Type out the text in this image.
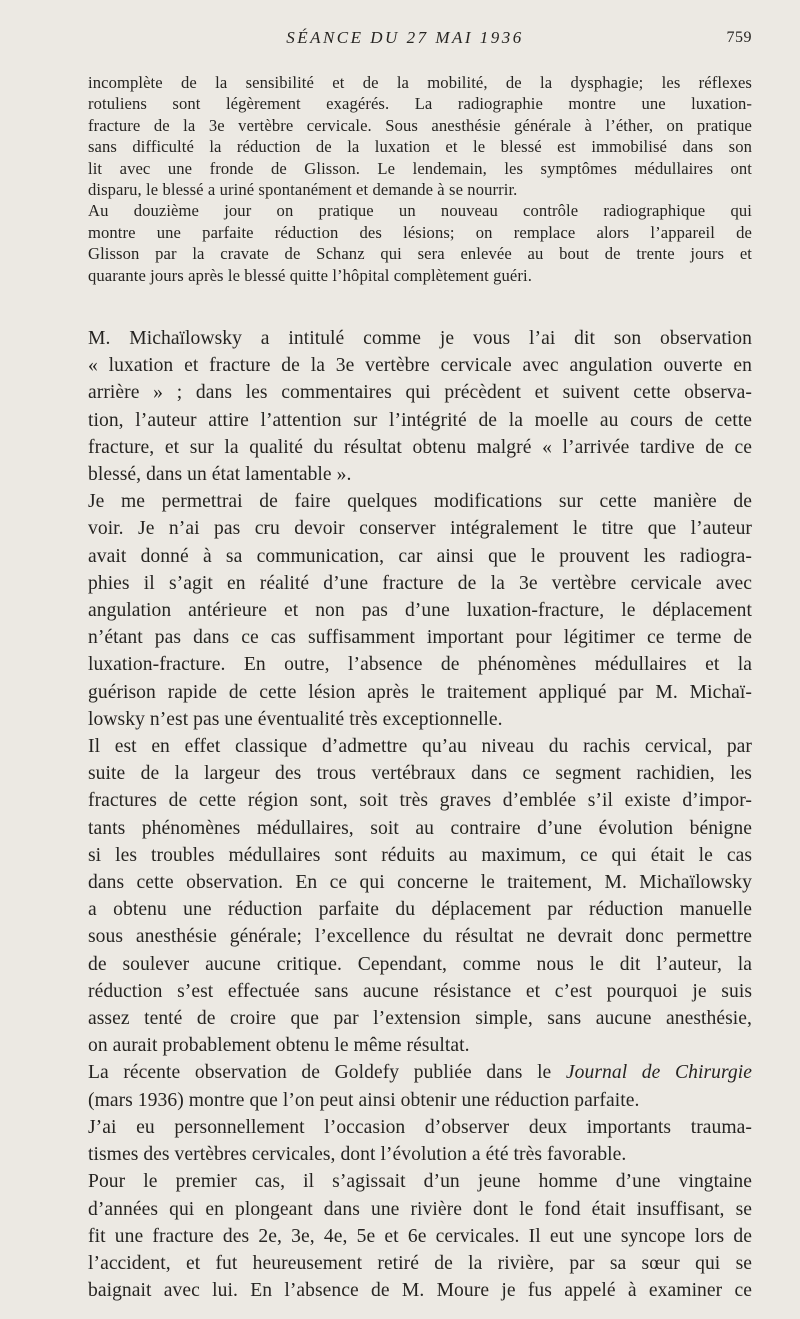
SÉANCE DU 27 MAI 1936	759

incomplète de la sensibilité et de la mobilité, de la dysphagie; les réflexes
rotuliens sont légèrement exagérés. La radiographie montre une luxation-
fracture de la 3e vertèbre cervicale. Sous anesthésie générale à l’éther, on pratique
sans difficulté la réduction de la luxation et le blessé est immobilisé dans son
lit avec une fronde de Glisson. Le lendemain, les symptômes médullaires ont
disparu, le blessé a uriné spontanément et demande à se nourrir.

Au douzième jour on pratique un nouveau contrôle radiographique qui
montre une parfaite réduction des lésions; on remplace alors l’appareil de
Glisson par la cravate de Schanz qui sera enlevée au bout de trente jours et
quarante jours après le blessé quitte l’hôpital complètement guéri.

M. Michaïlowsky a intitulé comme je vous l’ai dit son observation
« luxation et fracture de la 3e vertèbre cervicale avec angulation ouverte en
arrière » ; dans les commentaires qui précèdent et suivent cette observa-
tion, l’auteur attire l’attention sur l’intégrité de la moelle au cours de cette
fracture, et sur la qualité du résultat obtenu malgré « l’arrivée tardive de ce
blessé, dans un état lamentable ».

Je me permettrai de faire quelques modifications sur cette manière de
voir. Je n’ai pas cru devoir conserver intégralement le titre que l’auteur
avait donné à sa communication, car ainsi que le prouvent les radiogra-
phies il s’agit en réalité d’une fracture de la 3e vertèbre cervicale avec
angulation antérieure et non pas d’une luxation-fracture, le déplacement
n’étant pas dans ce cas suffisamment important pour légitimer ce terme de
luxation-fracture. En outre, l’absence de phénomènes médullaires et la
guérison rapide de cette lésion après le traitement appliqué par M. Michaï-
lowsky n’est pas une éventualité très exceptionnelle.

Il est en effet classique d’admettre qu’au niveau du rachis cervical, par
suite de la largeur des trous vertébraux dans ce segment rachidien, les
fractures de cette région sont, soit très graves d’emblée s’il existe d’impor-
tants phénomènes médullaires, soit au contraire d’une évolution bénigne
si les troubles médullaires sont réduits au maximum, ce qui était le cas
dans cette observation. En ce qui concerne le traitement, M. Michaïlowsky
a obtenu une réduction parfaite du déplacement par réduction manuelle
sous anesthésie générale; l’excellence du résultat ne devrait donc permettre
de soulever aucune critique. Cependant, comme nous le dit l’auteur, la
réduction s’est effectuée sans aucune résistance et c’est pourquoi je suis
assez tenté de croire que par l’extension simple, sans aucune anesthésie,
on aurait probablement obtenu le même résultat.

La récente observation de Goldefy publiée dans le Journal de Chirurgie
(mars 1936) montre que l’on peut ainsi obtenir une réduction parfaite.

J’ai eu personnellement l’occasion d’observer deux importants trauma-
tismes des vertèbres cervicales, dont l’évolution a été très favorable.

Pour le premier cas, il s’agissait d’un jeune homme d’une vingtaine
d’années qui en plongeant dans une rivière dont le fond était insuffisant, se
fit une fracture des 2e, 3e, 4e, 5e et 6e cervicales. Il eut une syncope lors de
l’accident, et fut heureusement retiré de la rivière, par sa sœur qui se
baignait avec lui. En l’absence de M. Moure je fus appelé à examiner ce
